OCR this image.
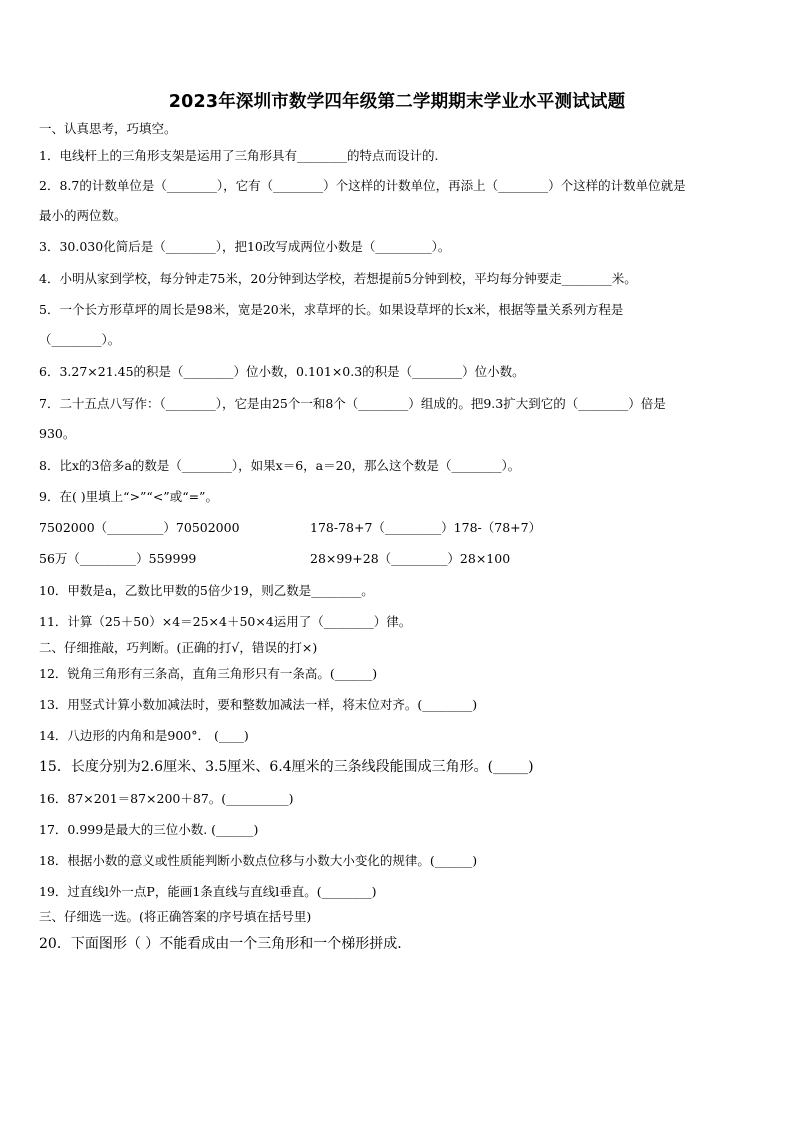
2023年深圳市数学四年级第二学期期末学业水平测试试题
一、认真思考，巧填空。
1．电线杆上的三角形支架是运用了三角形具有________的特点而设计的.
2．8.7的计数单位是（________），它有（________）个这样的计数单位，再添上（________）个这样的计数单位就是
最小的两位数。
3．30.030化简后是（________），把10改写成两位小数是（_________）。
4．小明从家到学校，每分钟走75米，20分钟到达学校，若想提前5分钟到校，平均每分钟要走________米。
5．一个长方形草坪的周长是98米，宽是20米，求草坪的长。如果设草坪的长x米，根据等量关系列方程是
（________）。
6．3.27×21.45的积是（________）位小数，0.101×0.3的积是（________）位小数。
7．二十五点八写作：（________），它是由25个一和8个（________）组成的。把9.3扩大到它的（________）倍是
930。
8．比x的3倍多a的数是（________），如果x＝6，a＝20，那么这个数是（________）。
9．在( )里填上“>”“<”或“=”。
7502000（_________）70502000	178-78+7（_________）178-（78+7）
56万（_________）559999	28×99+28（_________）28×100
10．甲数是a，乙数比甲数的5倍少19，则乙数是________。
11．计算（25＋50）×4＝25×4＋50×4运用了（________）律。
二、仔细推敲，巧判断。(正确的打√，错误的打×)
12．锐角三角形有三条高，直角三角形只有一条高。(______)
13．用竖式计算小数加减法时，要和整数加减法一样，将末位对齐。(________)
14．八边形的内角和是900°． (____)
15．长度分别为2.6厘米、3.5厘米、6.4厘米的三条线段能围成三角形。(_____)
16．87×201＝87×200＋87。(__________)
17．0.999是最大的三位小数. (______)
18．根据小数的意义或性质能判断小数点位移与小数大小变化的规律。(______)
19．过直线l外一点P，能画1条直线与直线l垂直。(________)
三、仔细选一选。(将正确答案的序号填在括号里)
20．下面图形（ ）不能看成由一个三角形和一个梯形拼成.
